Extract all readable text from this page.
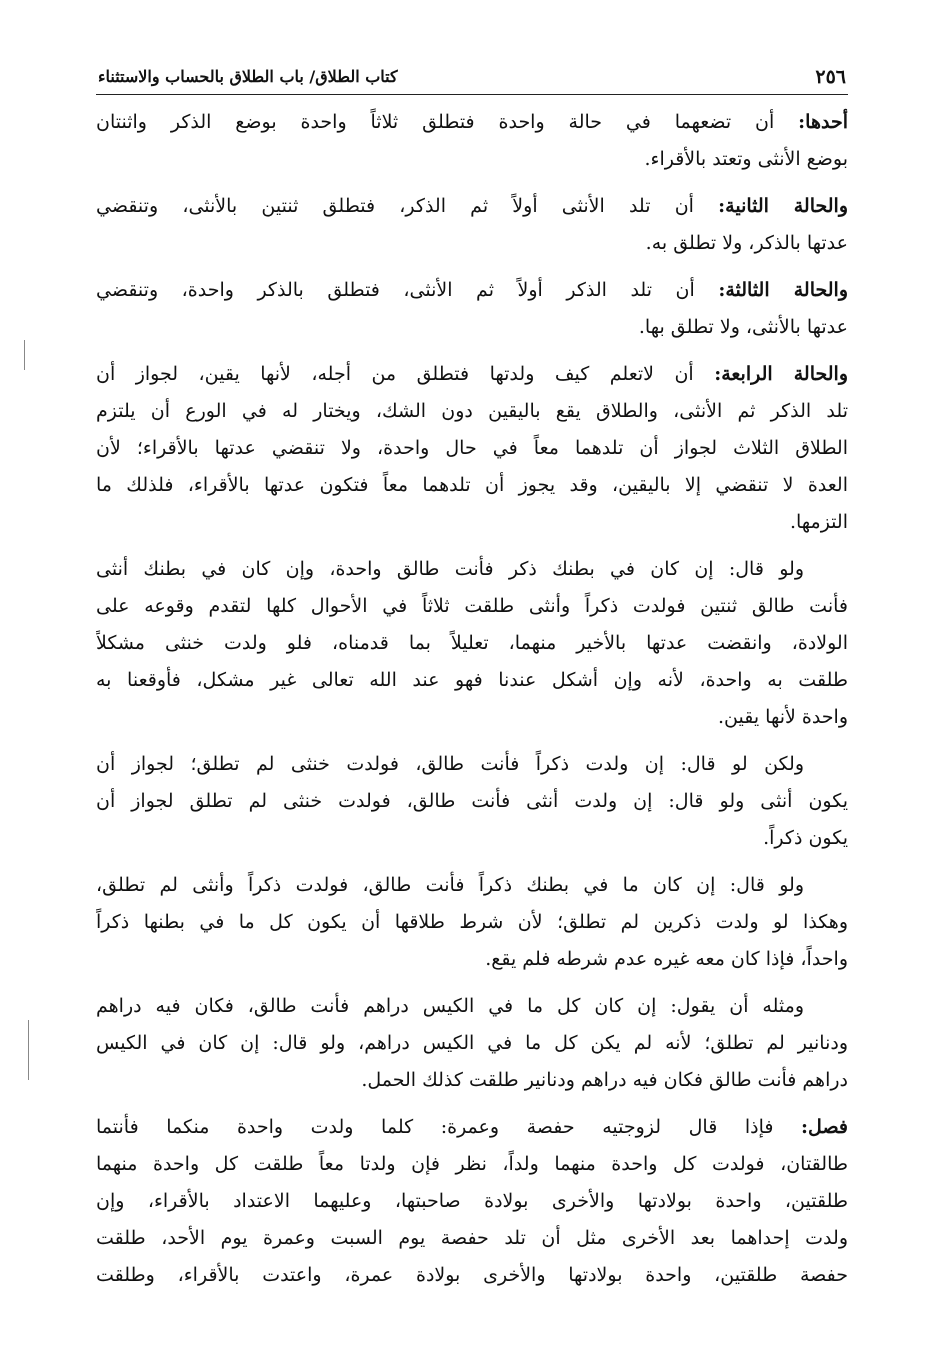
٢٥٦
كتاب الطلاق/ باب الطلاق بالحساب والاستثناء
أحدها: أن تضعهما في حالة واحدة فتطلق ثلاثاً واحدة بوضع الذكر واثنتان
بوضع الأنثى وتعتد بالأقراء.
والحالة الثانية: أن تلد الأنثى أولاً ثم الذكر، فتطلق ثنتين بالأنثى، وتنقضي
عدتها بالذكر، ولا تطلق به.
والحالة الثالثة: أن تلد الذكر أولاً ثم الأنثى، فتطلق بالذكر واحدة، وتنقضي
عدتها بالأنثى، ولا تطلق بها.
والحالة الرابعة: أن لاتعلم كيف ولدتها فتطلق من أجله، لأنها يقين، لجواز أن
تلد الذكر ثم الأنثى، والطلاق يقع باليقين دون الشك، ويختار له في الورع أن يلتزم
الطلاق الثلاث لجواز أن تلدهما معاً في حال واحدة، ولا تنقضي عدتها بالأقراء؛ لأن
العدة لا تنقضي إلا باليقين، وقد يجوز أن تلدهما معاً فتكون عدتها بالأقراء، فلذلك ما
التزمها.
ولو قال: إن كان في بطنك ذكر فأنت طالق واحدة، وإن كان في بطنك أنثى
فأنت طالق ثنتين فولدت ذكراً وأنثى طلقت ثلاثاً في الأحوال كلها لتقدم وقوعه على
الولادة، وانقضت عدتها بالأخير منهما، تعليلاً بما قدمناه، فلو ولدت خنثى مشكلاً
طلقت به واحدة، لأنه وإن أشكل عندنا فهو عند الله تعالى غير مشكل، فأوقعنا به
واحدة لأنها يقين.
ولكن لو قال: إن ولدت ذكراً فأنت طالق، فولدت خنثى لم تطلق؛ لجواز أن
يكون أنثى ولو قال: إن ولدت أنثى فأنت طالق، فولدت خنثى لم تطلق لجواز أن
يكون ذكراً.
ولو قال: إن كان ما في بطنك ذكراً فأنت طالق، فولدت ذكراً وأنثى لم تطلق،
وهكذا لو ولدت ذكرين لم تطلق؛ لأن شرط طلاقها أن يكون كل ما في بطنها ذكراً
واحداً، فإذا كان معه غيره عدم شرطه فلم يقع.
ومثله أن يقول: إن كان كل ما في الكيس دراهم فأنت طالق، فكان فيه دراهم
ودنانير لم تطلق؛ لأنه لم يكن كل ما في الكيس دراهم، ولو قال: إن كان في الكيس
دراهم فأنت طالق فكان فيه دراهم ودنانير طلقت كذلك الحمل.
فصل: فإذا قال لزوجتيه حفصة وعمرة: كلما ولدت واحدة منكما فأنتما
طالقتان، فولدت كل واحدة منهما ولداً، نظر فإن ولدتا معاً طلقت كل واحدة منهما
طلقتين، واحدة بولادتها والأخرى بولادة صاحبتها، وعليهما الاعتداد بالأقراء، وإن
ولدت إحداهما بعد الأخرى مثل أن تلد حفصة يوم السبت وعمرة يوم الأحد، طلقت
حفصة طلقتين، واحدة بولادتها والأخرى بولادة عمرة، واعتدت بالأقراء، وطلقت
